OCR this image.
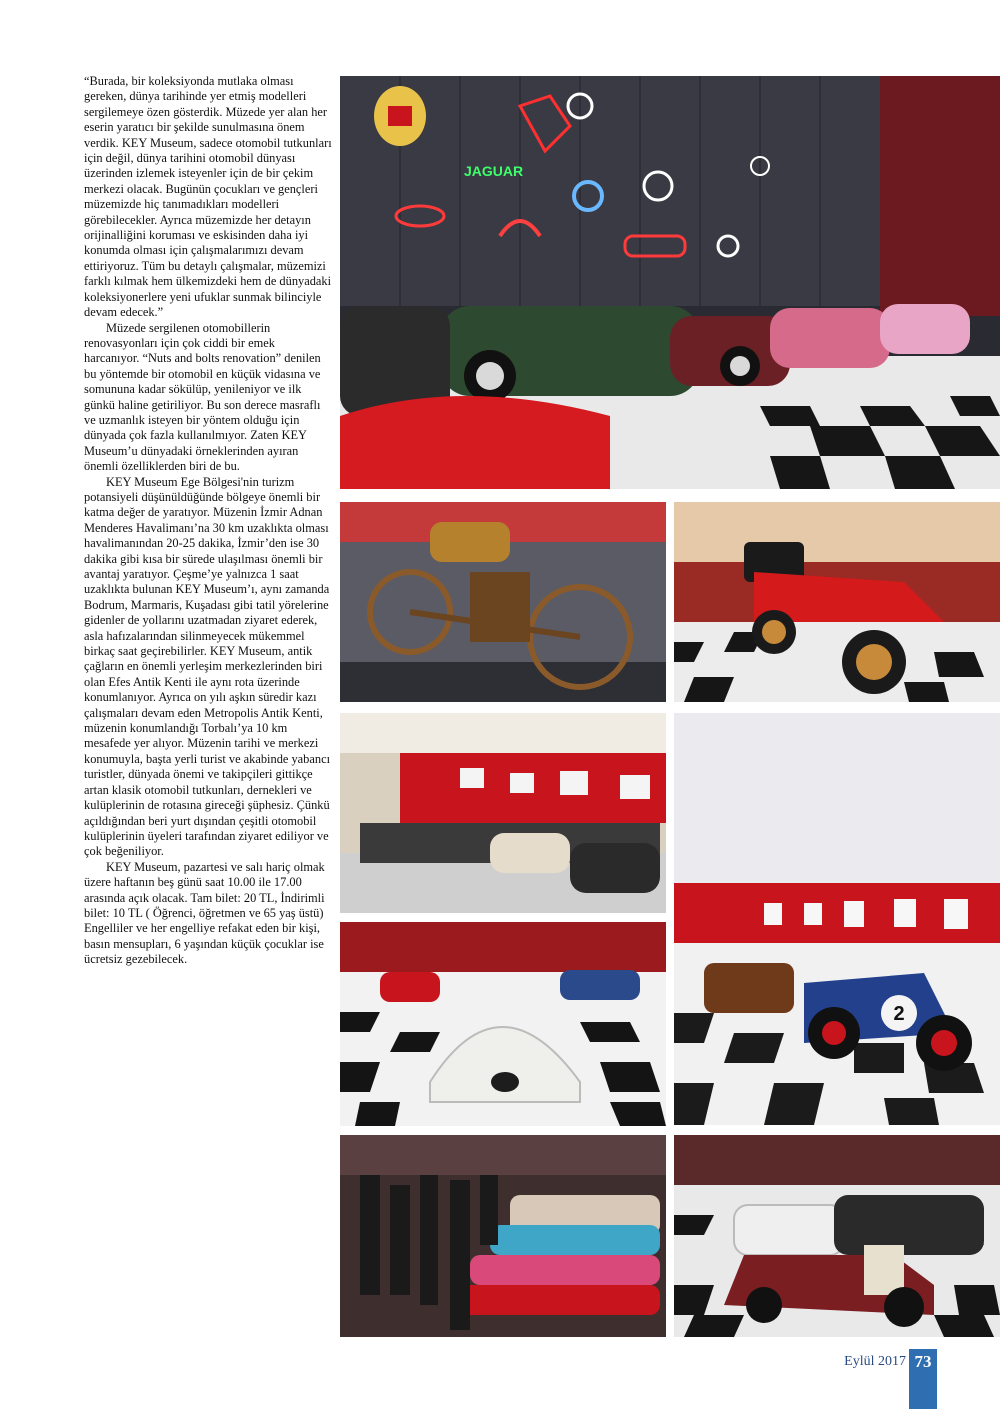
“Burada, bir koleksiyonda mutlaka olması gereken, dünya tarihinde yer etmiş modelleri sergilemeye özen gösterdik. Müzede yer alan her eserin yaratıcı bir şekilde sunulmasına önem verdik. KEY Museum, sadece otomobil tutkunları için değil, dünya tarihini otomobil dünyası üzerinden izlemek isteyenler için de bir çekim merkezi olacak. Bugünün çocukları ve gençleri müzemizde hiç tanımadıkları modelleri görebilecekler. Ayrıca müzemizde her detayın orijinalliğini koruması ve eskisinden daha iyi konumda olması için çalışmalarımızı devam ettiriyoruz. Tüm bu detaylı çalışmalar, müzemizi farklı kılmak hem ülkemizdeki hem de dünyadaki koleksiyonerlere yeni ufuklar sunmak bilinciyle devam edecek.”

Müzede sergilenen otomobillerin renovasyonları için çok ciddi bir emek harcanıyor. “Nuts and bolts renovation” denilen bu yöntemde bir otomobil en küçük vidasına ve somununa kadar sökülüp, yenileniyor ve ilk günkü haline getiriliyor. Bu son derece masraflı ve uzmanlık isteyen bir yöntem olduğu için dünyada çok fazla kullanılmıyor. Zaten KEY Museum’u dünyadaki örneklerinden ayıran önemli özelliklerden biri de bu.

KEY Museum Ege Bölgesi'nin turizm potansiyeli düşünüldüğünde bölgeye önemli bir katma değer de yaratıyor. Müzenin İzmir Adnan Menderes Havalimanı’na 30 km uzaklıkta olması havalimanından 20-25 dakika, İzmir’den ise 30 dakika gibi kısa bir sürede ulaşılması önemli bir avantaj yaratıyor. Çeşme’ye yalnızca 1 saat uzaklıkta bulunan KEY Museum’ı, aynı zamanda Bodrum, Marmaris, Kuşadası gibi tatil yörelerine gidenler de yollarını uzatmadan ziyaret ederek, asla hafızalarından silinmeyecek mükemmel birkaç saat geçirebilirler. KEY Museum, antik çağların en önemli yerleşim merkezlerinden biri olan Efes Antik Kenti ile aynı rota üzerinde konumlanıyor. Ayrıca on yılı aşkın süredir kazı çalışmaları devam eden Metropolis Antik Kenti, müzenin konumlandığı Torbalı’ya 10 km mesafede yer alıyor. Müzenin tarihi ve merkezi konumuyla, başta yerli turist ve akabinde yabancı turistler, dünyada önemi ve takipçileri gittikçe artan klasik otomobil tutkunları, dernekleri ve kulüplerinin de rotasına gireceği şüphesiz. Çünkü açıldığından beri yurt dışından çeşitli otomobil kulüplerinin üyeleri tarafından ziyaret ediliyor ve çok beğeniliyor.

KEY Museum, pazartesi ve salı hariç olmak üzere haftanın beş günü saat 10.00 ile 17.00 arasında açık olacak. Tam bilet: 20 TL, İndirimli bilet: 10 TL ( Öğrenci, öğretmen ve 65 yaş üstü) Engelliler ve her engelliye refakat eden bir kişi, basın mensupları, 6 yaşından küçük çocuklar ise ücretsiz gezebilecek.

JAGUAR
2
Eylül 2017 73
